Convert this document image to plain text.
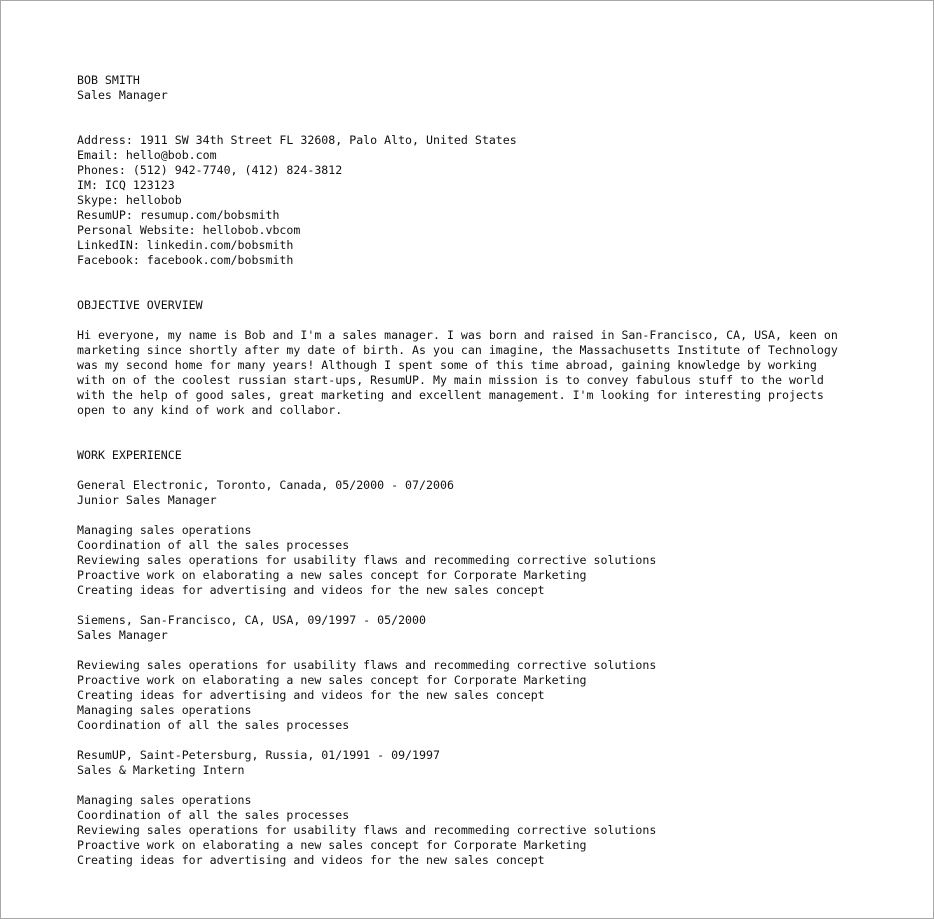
BOB SMITH
Sales Manager
Address: 1911 SW 34th Street FL 32608, Palo Alto, United States
Email: hello@bob.com
Phones: (512) 942-7740, (412) 824-3812
IM: ICQ 123123
Skype: hellobob
ResumUP: resumup.com/bobsmith
Personal Website: hellobob.vbcom
LinkedIN: linkedin.com/bobsmith
Facebook: facebook.com/bobsmith
OBJECTIVE OVERVIEW
Hi everyone, my name is Bob and I'm a sales manager. I was born and raised in San-Francisco, CA, USA, keen on
marketing since shortly after my date of birth. As you can imagine, the Massachusetts Institute of Technology
was my second home for many years! Although I spent some of this time abroad, gaining knowledge by working
with on of the coolest russian start-ups, ResumUP. My main mission is to convey fabulous stuff to the world
with the help of good sales, great marketing and excellent management. I'm looking for interesting projects
open to any kind of work and collabor.
WORK EXPERIENCE
General Electronic, Toronto, Canada, 05/2000 - 07/2006
Junior Sales Manager
Managing sales operations
Coordination of all the sales processes
Reviewing sales operations for usability flaws and recommeding corrective solutions
Proactive work on elaborating a new sales concept for Corporate Marketing
Creating ideas for advertising and videos for the new sales concept
Siemens, San-Francisco, CA, USA, 09/1997 - 05/2000
Sales Manager
Reviewing sales operations for usability flaws and recommeding corrective solutions
Proactive work on elaborating a new sales concept for Corporate Marketing
Creating ideas for advertising and videos for the new sales concept
Managing sales operations
Coordination of all the sales processes
ResumUP, Saint-Petersburg, Russia, 01/1991 - 09/1997
Sales & Marketing Intern
Managing sales operations
Coordination of all the sales processes
Reviewing sales operations for usability flaws and recommeding corrective solutions
Proactive work on elaborating a new sales concept for Corporate Marketing
Creating ideas for advertising and videos for the new sales concept
